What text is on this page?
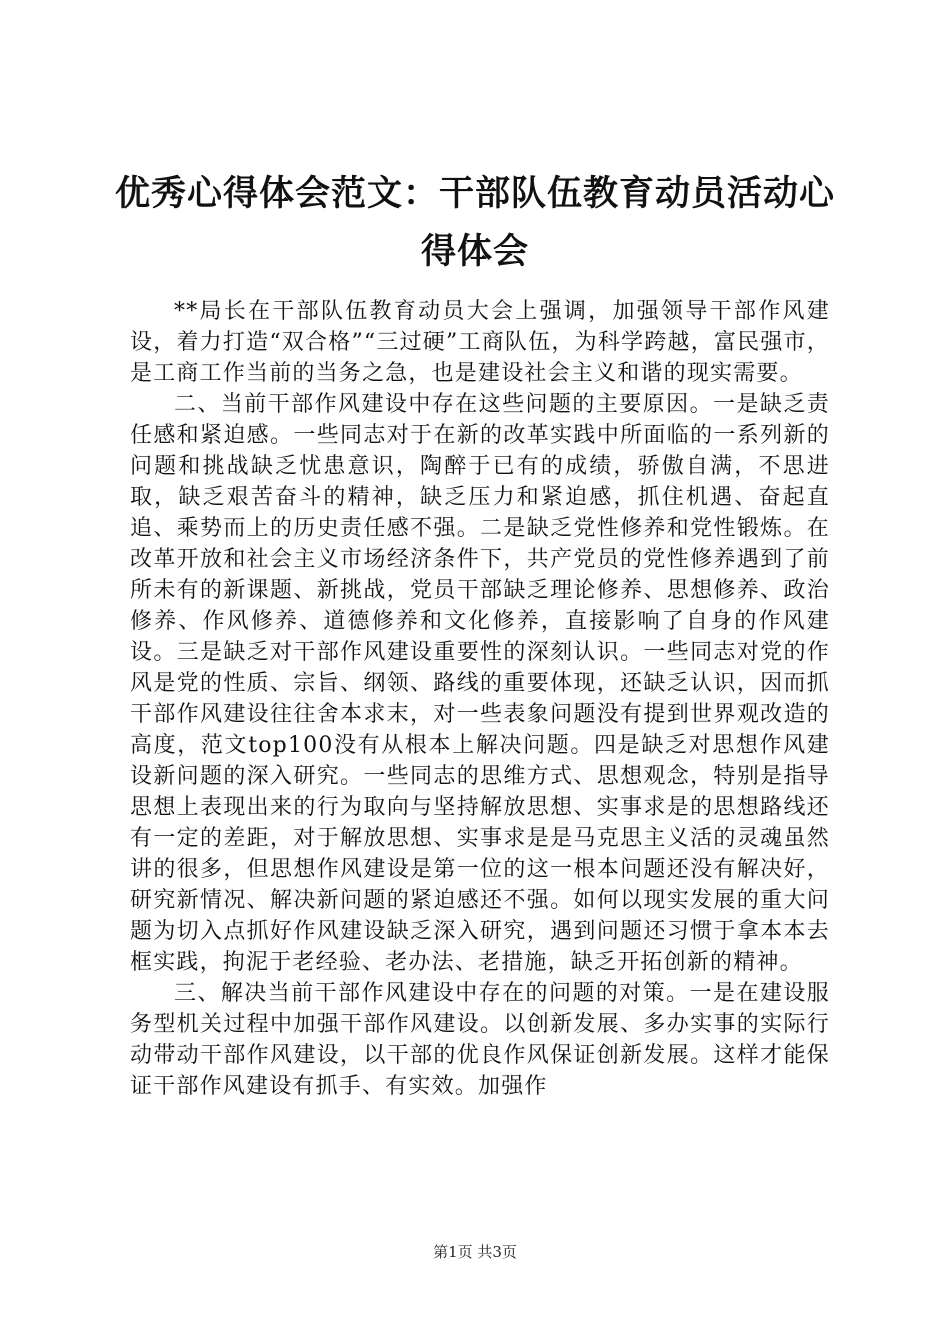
优秀心得体会范文：干部队伍教育动员活动心得体会

**局长在干部队伍教育动员大会上强调，加强领导干部作风建设，着力打造“双合格”“三过硬”工商队伍，为科学跨越，富民强市，是工商工作当前的当务之急，也是建设社会主义和谐的现实需要。

二、当前干部作风建设中存在这些问题的主要原因。一是缺乏责任感和紧迫感。一些同志对于在新的改革实践中所面临的一系列新的问题和挑战缺乏忧患意识，陶醉于已有的成绩，骄傲自满，不思进取，缺乏艰苦奋斗的精神，缺乏压力和紧迫感，抓住机遇、奋起直追、乘势而上的历史责任感不强。二是缺乏党性修养和党性锻炼。在改革开放和社会主义市场经济条件下，共产党员的党性修养遇到了前所未有的新课题、新挑战，党员干部缺乏理论修养、思想修养、政治修养、作风修养、道德修养和文化修养，直接影响了自身的作风建设。三是缺乏对干部作风建设重要性的深刻认识。一些同志对党的作风是党的性质、宗旨、纲领、路线的重要体现，还缺乏认识，因而抓干部作风建设往往舍本求末，对一些表象问题没有提到世界观改造的高度，范文top100没有从根本上解决问题。四是缺乏对思想作风建设新问题的深入研究。一些同志的思维方式、思想观念，特别是指导思想上表现出来的行为取向与坚持解放思想、实事求是的思想路线还有一定的差距，对于解放思想、实事求是是马克思主义活的灵魂虽然讲的很多，但思想作风建设是第一位的这一根本问题还没有解决好，研究新情况、解决新问题的紧迫感还不强。如何以现实发展的重大问题为切入点抓好作风建设缺乏深入研究，遇到问题还习惯于拿本本去框实践，拘泥于老经验、老办法、老措施，缺乏开拓创新的精神。

三、解决当前干部作风建设中存在的问题的对策。一是在建设服务型机关过程中加强干部作风建设。以创新发展、多办实事的实际行动带动干部作风建设，以干部的优良作风保证创新发展。这样才能保证干部作风建设有抓手、有实效。加强作

第1页 共3页
